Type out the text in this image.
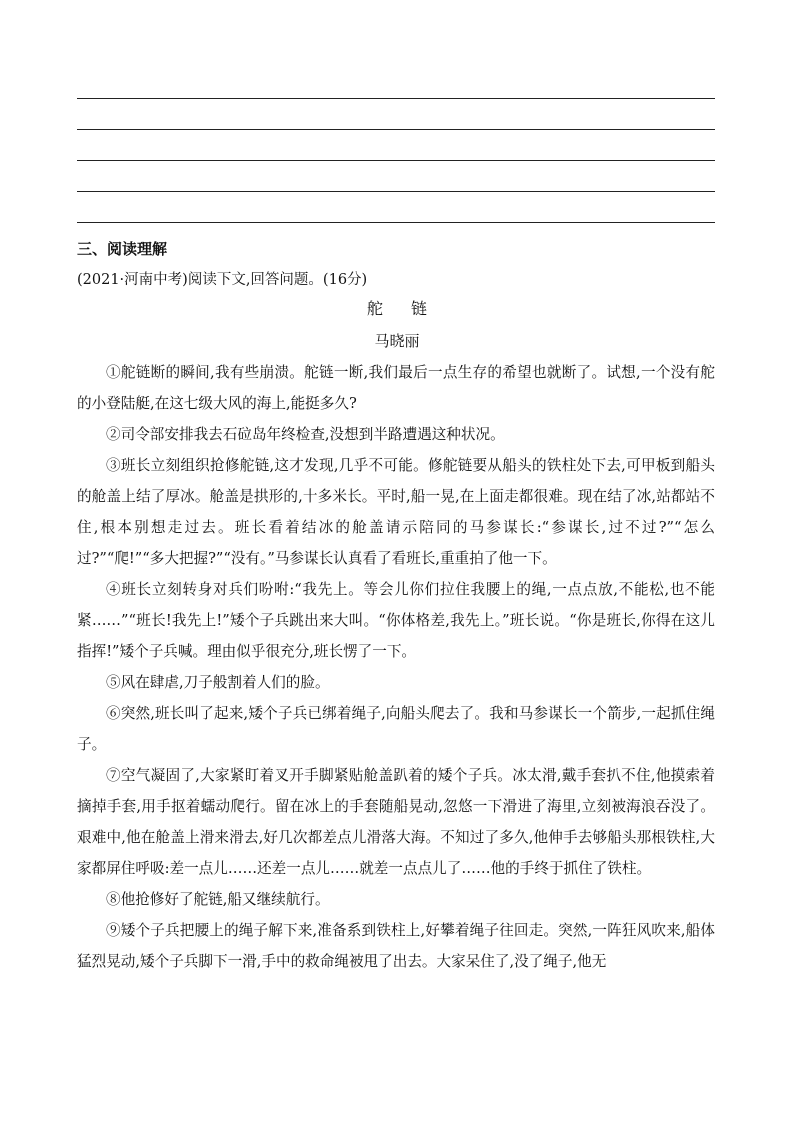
三、阅读理解
(2021·河南中考)阅读下文,回答问题。(16分)
舵链
马晓丽

①舵链断的瞬间,我有些崩溃。舵链一断,我们最后一点生存的希望也就断了。试想,一个没有舵的小登陆艇,在这七级大风的海上,能挺多久?

②司令部安排我去石砬岛年终检查,没想到半路遭遇这种状况。

③班长立刻组织抢修舵链,这才发现,几乎不可能。修舵链要从船头的铁柱处下去,可甲板到船头的舱盖上结了厚冰。舱盖是拱形的,十多米长。平时,船一晃,在上面走都很难。现在结了冰,站都站不住,根本别想走过去。班长看着结冰的舱盖请示陪同的马参谋长:“参谋长,过不过?”“怎么过?”“爬!”“多大把握?”“没有。”马参谋长认真看了看班长,重重拍了他一下。

④班长立刻转身对兵们吩咐:“我先上。等会儿你们拉住我腰上的绳,一点点放,不能松,也不能紧……”“班长!我先上!”矮个子兵跳出来大叫。“你体格差,我先上。”班长说。“你是班长,你得在这儿指挥!”矮个子兵喊。理由似乎很充分,班长愣了一下。

⑤风在肆虐,刀子般割着人们的脸。

⑥突然,班长叫了起来,矮个子兵已绑着绳子,向船头爬去了。我和马参谋长一个箭步,一起抓住绳子。

⑦空气凝固了,大家紧盯着叉开手脚紧贴舱盖趴着的矮个子兵。冰太滑,戴手套扒不住,他摸索着摘掉手套,用手抠着蠕动爬行。留在冰上的手套随船晃动,忽悠一下滑进了海里,立刻被海浪吞没了。艰难中,他在舱盖上滑来滑去,好几次都差点儿滑落大海。不知过了多久,他伸手去够船头那根铁柱,大家都屏住呼吸:差一点儿……还差一点儿……就差一点点儿了……他的手终于抓住了铁柱。

⑧他抢修好了舵链,船又继续航行。

⑨矮个子兵把腰上的绳子解下来,准备系到铁柱上,好攀着绳子往回走。突然,一阵狂风吹来,船体猛烈晃动,矮个子兵脚下一滑,手中的救命绳被甩了出去。大家呆住了,没了绳子,他无
